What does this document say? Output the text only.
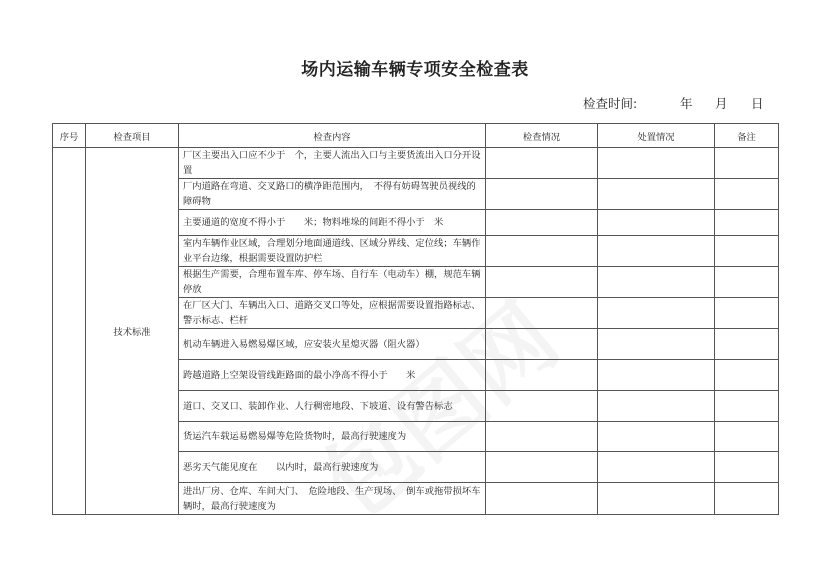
场内运输车辆专项安全检查表
检查时间:	年 月 日
序号	检查项目	检查内容	检查情况	处置情况	备注
	技术标准	厂区主要出入口应不少于　个，主要人流出入口与主要货流出入口分开设置			
		厂内道路在弯道、交叉路口的横净距范围内，　不得有妨碍驾驶员视线的障碍物			
		主要通道的宽度不得小于　　米；物料堆垛的间距不得小于　米			
		室内车辆作业区域，合理划分地面通道线、区域分界线、定位线；车辆作业平台边缘，根据需要设置防护栏			
		根据生产需要，合理布置车库、停车场、自行车（电动车）棚，规范车辆停放			
		在厂区大门、车辆出入口、道路交叉口等处，应根据需要设置指路标志、警示标志、栏杆			
		机动车辆进入易燃易爆区域，应安装火星熄灭器（阻火器）			
		跨越道路上空架设管线距路面的最小净高不得小于　　米			
		道口、交叉口、装卸作业、人行稠密地段、下坡道、设有警告标志			
		货运汽车载运易燃易爆等危险货物时，最高行驶速度为			
		恶劣天气能见度在　　以内时，最高行驶速度为			
		进出厂房、仓库、车间大门、　危险地段、生产现场、　倒车或拖带损坏车辆时，最高行驶速度为			
